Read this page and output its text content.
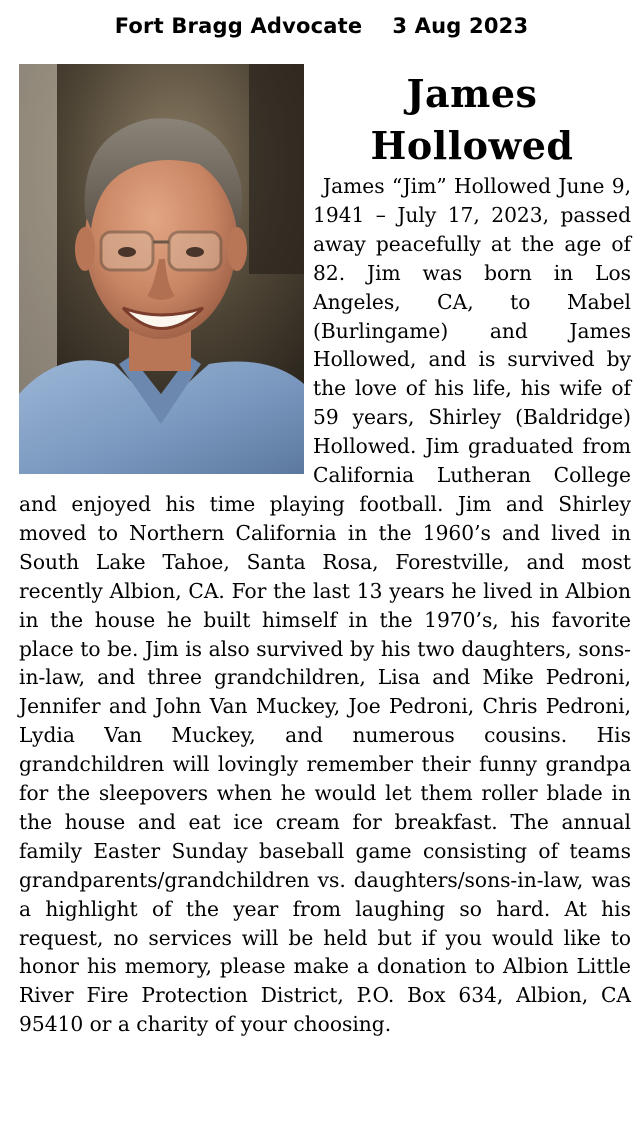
Fort Bragg Advocate 3 Aug 2023
James
Hollowed

James “Jim” Hollowed June 9, 1941 – July 17, 2023, passed away peacefully at the age of 82. Jim was born in Los Angeles, CA, to Mabel (Burlingame) and James Hollowed, and is survived by the love of his life, his wife of 59 years, Shirley (Baldridge) Hollowed. Jim graduated from California Lutheran College and enjoyed his time playing football. Jim and Shirley moved to Northern California in the 1960’s and lived in South Lake Tahoe, Santa Rosa, Forestville, and most recently Albion, CA. For the last 13 years he lived in Albion in the house he built himself in the 1970’s, his favorite place to be. Jim is also survived by his two daughters, sons-in-law, and three grandchildren, Lisa and Mike Pedroni, Jennifer and John Van Muckey, Joe Pedroni, Chris Pedroni, Lydia Van Muckey, and numerous cousins. His grandchildren will lovingly remember their funny grandpa for the sleepovers when he would let them roller blade in the house and eat ice cream for breakfast. The annual family Easter Sunday baseball game consisting of teams grandparents/grandchildren vs. daughters/sons-in-law, was a highlight of the year from laughing so hard. At his request, no services will be held but if you would like to honor his memory, please make a donation to Albion Little River Fire Protection District, P.O. Box 634, Albion, CA 95410 or a charity of your choosing.
